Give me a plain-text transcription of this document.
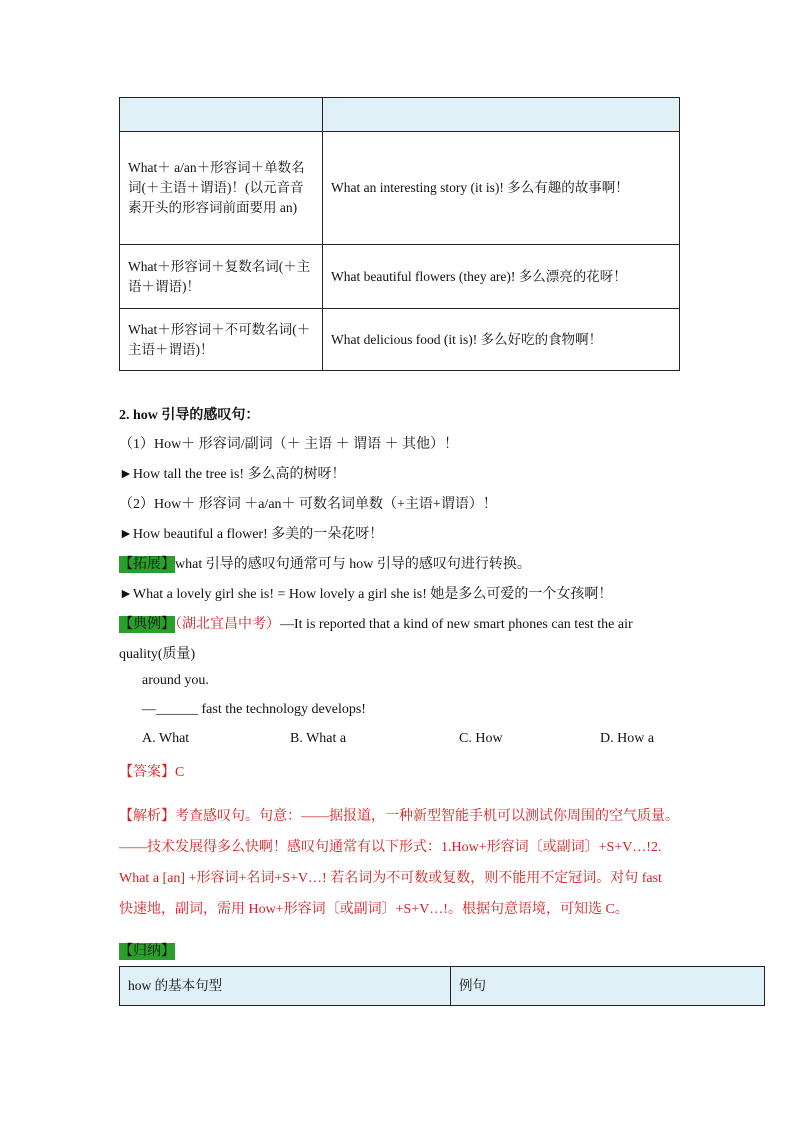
What＋ a/an＋形容词＋单数名
词(＋主语＋谓语)！(以元音音
素开头的形容词前面要用 an)	What an interesting story (it is)! 多么有趣的故事啊！

What＋形容词＋复数名词(＋主
语＋谓语)！	What beautiful flowers (they are)! 多么漂亮的花呀！

What＋形容词＋不可数名词(＋
主语＋谓语)！	What delicious food (it is)! 多么好吃的食物啊！
2. how 引导的感叹句：
（1）How＋ 形容词/副词（＋ 主语 ＋ 谓语 ＋ 其他）！
►How tall the tree is! 多么高的树呀！
（2）How＋ 形容词 ＋a/an＋ 可数名词单数（+主语+谓语）！
►How beautiful a flower! 多美的一朵花呀！
【拓展】what 引导的感叹句通常可与 how 引导的感叹句进行转换。
►What a lovely girl she is! = How lovely a girl she is! 她是多么可爱的一个女孩啊！
【典例】（湖北宜昌中考）—It is reported that a kind of new smart phones can test the air
quality(质量)
around you.
—______ fast the technology develops!
A. What	B. What a	C. How	D. How a
【答案】C
【解析】考查感叹句。句意：——据报道，一种新型智能手机可以测试你周围的空气质量。
——技术发展得多么快啊！感叹句通常有以下形式：1.How+形容词〔或副词〕+S+V…!2.
What a [an] +形容词+名词+S+V…! 若名词为不可数或复数，则不能用不定冠词。对句 fast
快速地，副词，需用 How+形容词〔或副词〕+S+V…!。根据句意语境，可知选 C。
【归纳】
how 的基本句型	例句
